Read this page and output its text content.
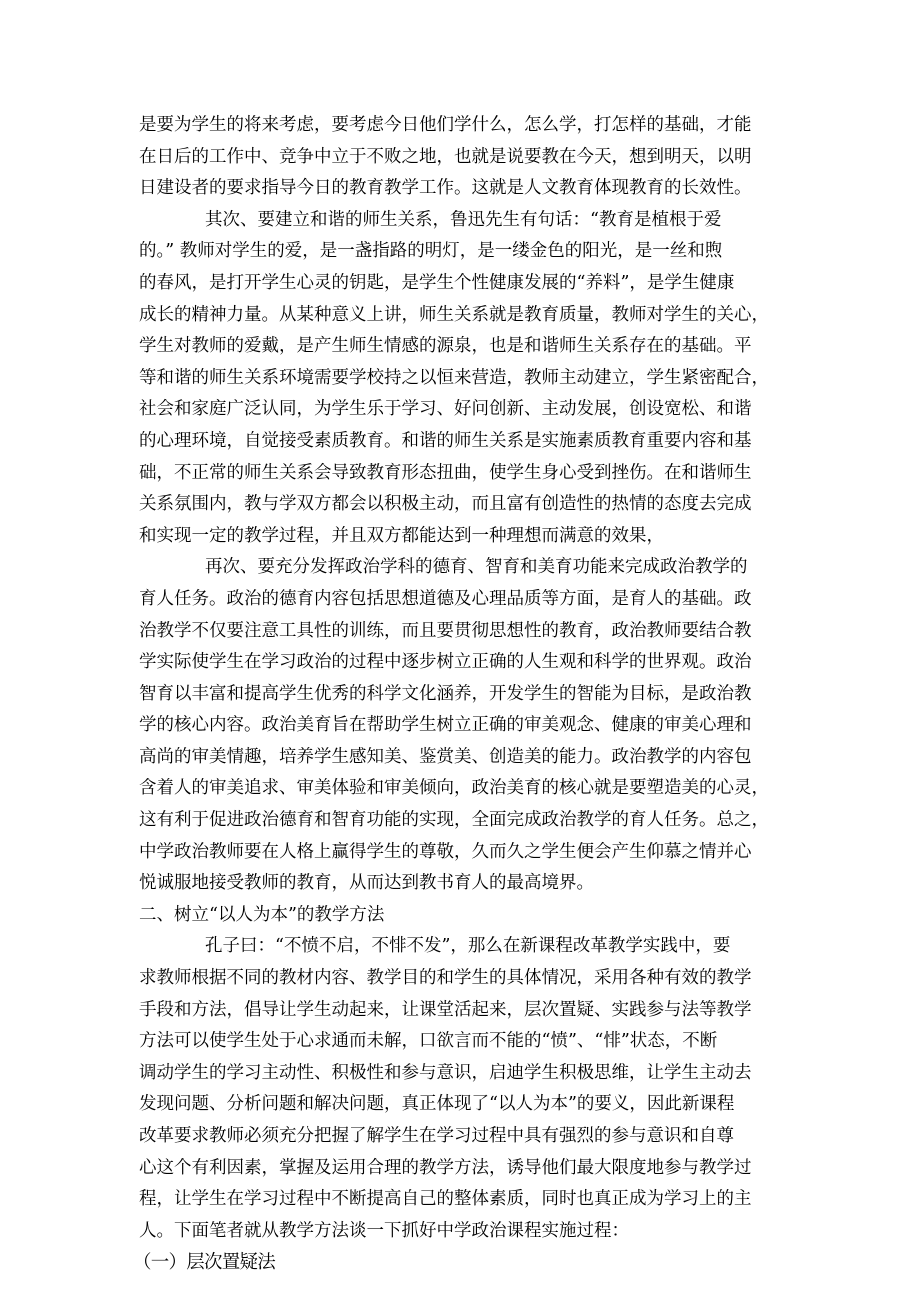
是要为学生的将来考虑，要考虑今日他们学什么，怎么学，打怎样的基础，才能
在日后的工作中、竞争中立于不败之地，也就是说要教在今天，想到明天，以明
日建设者的要求指导今日的教育教学工作。这就是人文教育体现教育的长效性。
其次、要建立和谐的师生关系，鲁迅先生有句话：“教育是植根于爱
的。” 教师对学生的爱，是一盏指路的明灯，是一缕金色的阳光，是一丝和煦
的春风，是打开学生心灵的钥匙，是学生个性健康发展的“养料”，是学生健康
成长的精神力量。从某种意义上讲，师生关系就是教育质量，教师对学生的关心，
学生对教师的爱戴，是产生师生情感的源泉，也是和谐师生关系存在的基础。平
等和谐的师生关系环境需要学校持之以恒来营造，教师主动建立，学生紧密配合，
社会和家庭广泛认同，为学生乐于学习、好问创新、主动发展，创设宽松、和谐
的心理环境，自觉接受素质教育。和谐的师生关系是实施素质教育重要内容和基
础，不正常的师生关系会导致教育形态扭曲，使学生身心受到挫伤。在和谐师生
关系氛围内，教与学双方都会以积极主动，而且富有创造性的热情的态度去完成
和实现一定的教学过程，并且双方都能达到一种理想而满意的效果，
再次、要充分发挥政治学科的德育、智育和美育功能来完成政治教学的
育人任务。政治的德育内容包括思想道德及心理品质等方面，是育人的基础。政
治教学不仅要注意工具性的训练，而且要贯彻思想性的教育，政治教师要结合教
学实际使学生在学习政治的过程中逐步树立正确的人生观和科学的世界观。政治
智育以丰富和提高学生优秀的科学文化涵养，开发学生的智能为目标，是政治教
学的核心内容。政治美育旨在帮助学生树立正确的审美观念、健康的审美心理和
高尚的审美情趣，培养学生感知美、鉴赏美、创造美的能力。政治教学的内容包
含着人的审美追求、审美体验和审美倾向，政治美育的核心就是要塑造美的心灵，
这有利于促进政治德育和智育功能的实现，全面完成政治教学的育人任务。总之，
中学政治教师要在人格上赢得学生的尊敬，久而久之学生便会产生仰慕之情并心
悦诚服地接受教师的教育，从而达到教书育人的最高境界。
二、树立“以人为本”的教学方法
孔子曰：“不愤不启，不悱不发”，那么在新课程改革教学实践中，要
求教师根据不同的教材内容、教学目的和学生的具体情况，采用各种有效的教学
手段和方法，倡导让学生动起来，让课堂活起来，层次置疑、实践参与法等教学
方法可以使学生处于心求通而未解，口欲言而不能的“愤”、“悱”状态，不断
调动学生的学习主动性、积极性和参与意识，启迪学生积极思维，让学生主动去
发现问题、分析问题和解决问题，真正体现了“以人为本”的要义，因此新课程
改革要求教师必须充分把握了解学生在学习过程中具有强烈的参与意识和自尊
心这个有利因素，掌握及运用合理的教学方法，诱导他们最大限度地参与教学过
程，让学生在学习过程中不断提高自己的整体素质，同时也真正成为学习上的主
人。下面笔者就从教学方法谈一下抓好中学政治课程实施过程：
（一）层次置疑法
